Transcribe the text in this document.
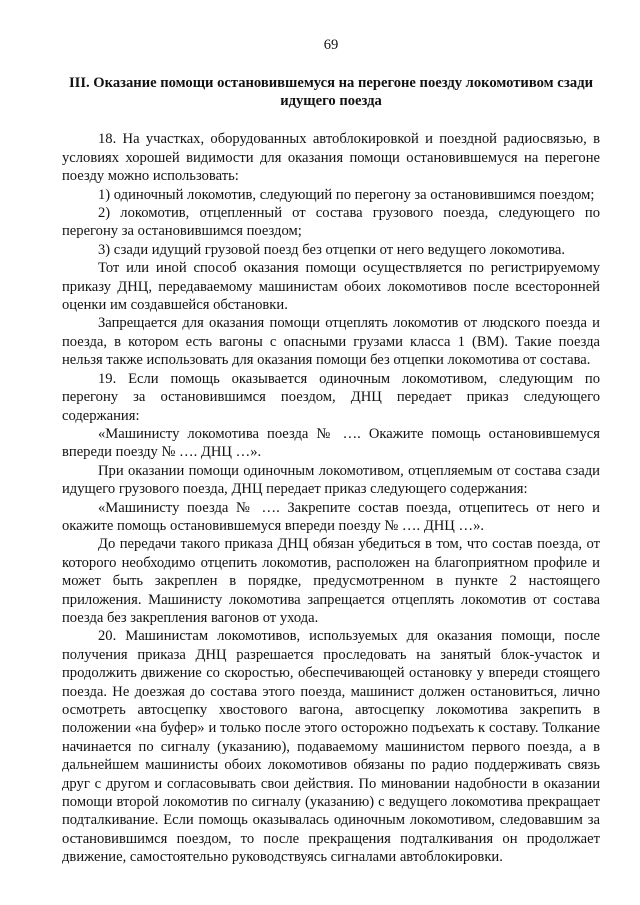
69
III. Оказание помощи остановившемуся на перегоне поезду локомотивом сзади
идущего поезда

18. На участках, оборудованных автоблокировкой и поездной радиосвязью, в условиях хорошей видимости для оказания помощи остановившемуся на перегоне поезду можно использовать:

1) одиночный локомотив, следующий по перегону за остановившимся поездом;

2) локомотив, отцепленный от состава грузового поезда, следующего по перегону за остановившимся поездом;

3) сзади идущий грузовой поезд без отцепки от него ведущего локомотива.

Тот или иной способ оказания помощи осуществляется по регистрируемому приказу ДНЦ, передаваемому машинистам обоих локомотивов после всесторонней оценки им создавшейся обстановки.

Запрещается для оказания помощи отцеплять локомотив от людского поезда и поезда, в котором есть вагоны с опасными грузами класса 1 (ВМ). Такие поезда нельзя также использовать для оказания помощи без отцепки локомотива от состава.

19. Если помощь оказывается одиночным локомотивом, следующим по перегону за остановившимся поездом, ДНЦ передает приказ следующего содержания:

«Машинисту локомотива поезда № …. Окажите помощь остановившемуся впереди поезду № …. ДНЦ …».

При оказании помощи одиночным локомотивом, отцепляемым от состава сзади идущего грузового поезда, ДНЦ передает приказ следующего содержания:

«Машинисту поезда № …. Закрепите состав поезда, отцепитесь от него и окажите помощь остановившемуся впереди поезду № …. ДНЦ …».

До передачи такого приказа ДНЦ обязан убедиться в том, что состав поезда, от которого необходимо отцепить локомотив, расположен на благоприятном профиле и может быть закреплен в порядке, предусмотренном в пункте 2 настоящего приложения. Машинисту локомотива запрещается отцеплять локомотив от состава поезда без закрепления вагонов от ухода.

20. Машинистам локомотивов, используемых для оказания помощи, после получения приказа ДНЦ разрешается проследовать на занятый блок-участок и продолжить движение со скоростью, обеспечивающей остановку у впереди стоящего поезда. Не доезжая до состава этого поезда, машинист должен остановиться, лично осмотреть автосцепку хвостового вагона, автосцепку локомотива закрепить в положении «на буфер» и только после этого осторожно подъехать к составу. Толкание начинается по сигналу (указанию), подаваемому машинистом первого поезда, а в дальнейшем машинисты обоих локомотивов обязаны по радио поддерживать связь друг с другом и согласовывать свои действия. По миновании надобности в оказании помощи второй локомотив по сигналу (указанию) с ведущего локомотива прекращает подталкивание. Если помощь оказывалась одиночным локомотивом, следовавшим за остановившимся поездом, то после прекращения подталкивания он продолжает движение, самостоятельно руководствуясь сигналами автоблокировки.
